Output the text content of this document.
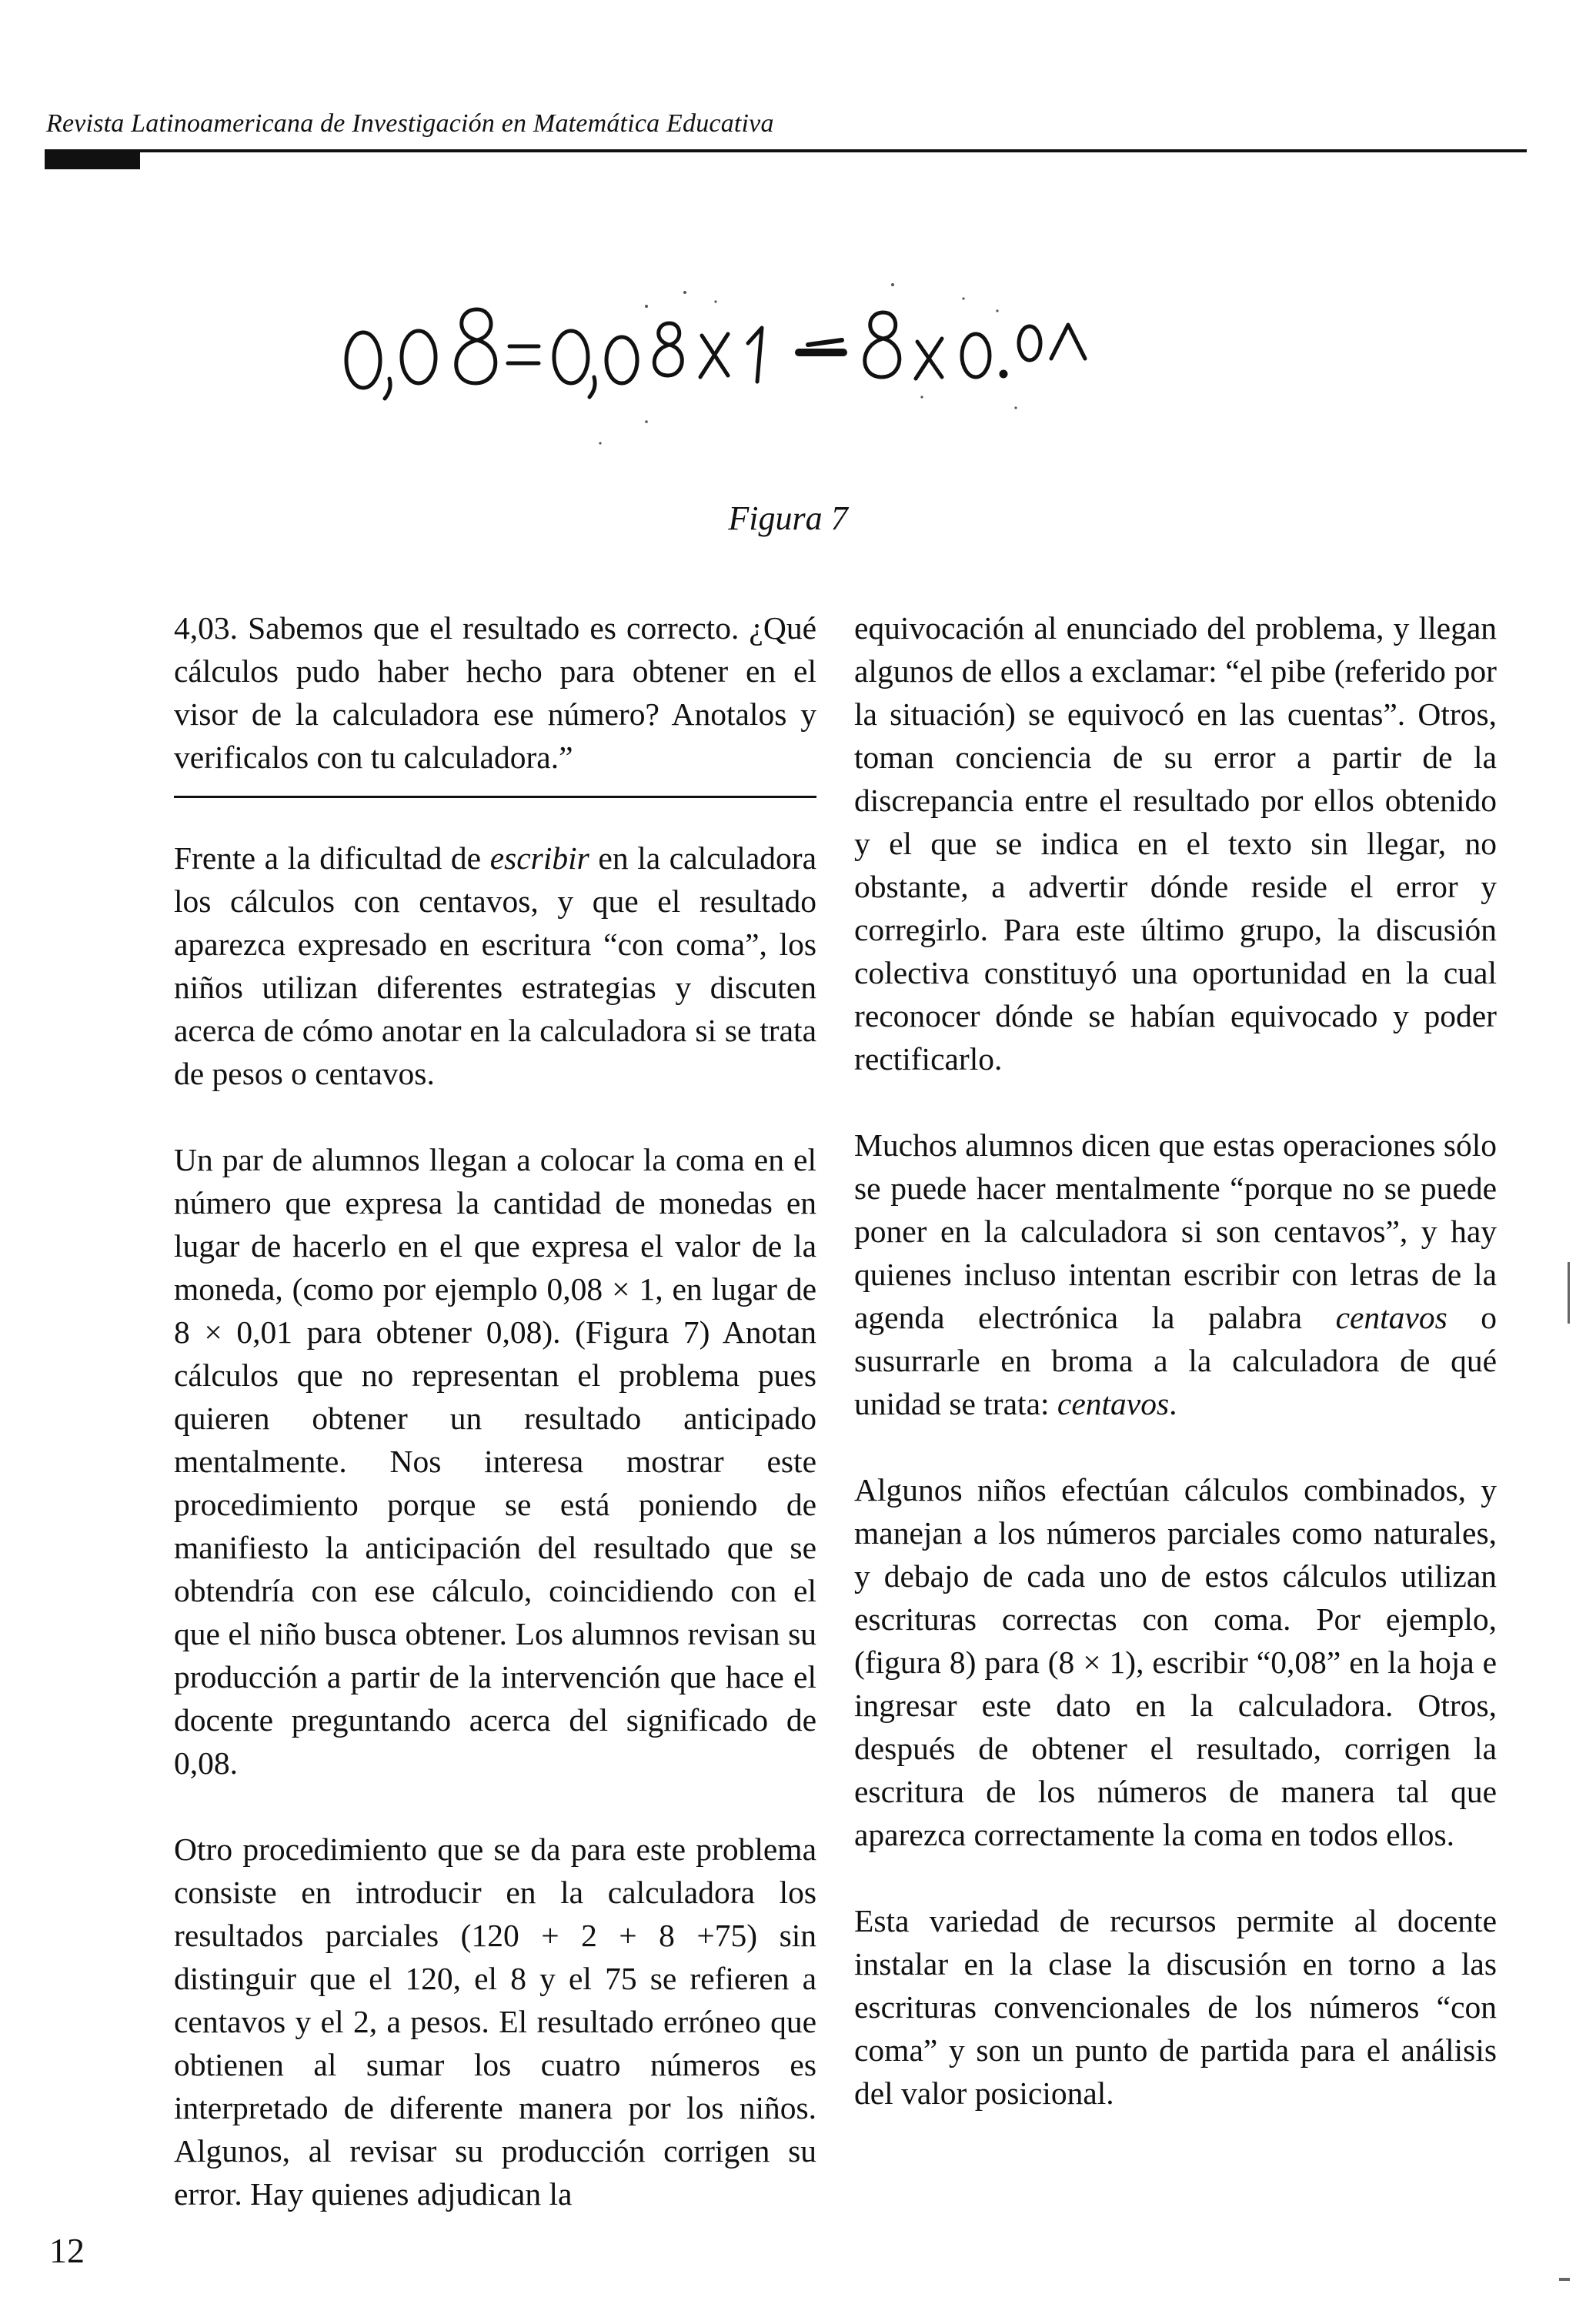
Revista Latinoamericana de Investigación en Matemática Educativa
Figura 7

4,03. Sabemos que el resultado es correcto. ¿Qué cálculos pudo haber hecho para obtener en el visor de la calculadora ese número? Anotalos y verificalos con tu calculadora.”

Frente a la dificultad de escribir en la calculadora los cálculos con centavos, y que el resultado aparezca expresado en escritura “con coma”, los niños utilizan diferentes estrategias y discuten acerca de cómo anotar en la calculadora si se trata de pesos o centavos.

Un par de alumnos llegan a colocar la coma en el número que expresa la cantidad de monedas en lugar de hacerlo en el que expresa el valor de la moneda, (como por ejemplo 0,08 × 1, en lugar de 8 × 0,01 para obtener 0,08). (Figura 7) Anotan cálculos que no representan el problema pues quieren obtener un resultado anticipado mentalmente. Nos interesa mostrar este procedimiento porque se está poniendo de manifiesto la anticipación del resultado que se obtendría con ese cálculo, coincidiendo con el que el niño busca obtener. Los alumnos revisan su producción a partir de la intervención que hace el docente preguntando acerca del significado de 0,08.

Otro procedimiento que se da para este problema consiste en introducir en la calculadora los resultados parciales (120 + 2 + 8 +75) sin distinguir que el 120, el 8 y el 75 se refieren a centavos y el 2, a pesos. El resultado erróneo que obtienen al sumar los cuatro números es interpretado de diferente manera por los niños. Algunos, al revisar su producción corrigen su error. Hay quienes adjudican la

equivocación al enunciado del problema, y llegan algunos de ellos a exclamar: “el pibe (referido por la situación) se equivocó en las cuentas”. Otros, toman conciencia de su error a partir de la discrepancia entre el resultado por ellos obtenido y el que se indica en el texto sin llegar, no obstante, a advertir dónde reside el error y corregirlo. Para este último grupo, la discusión colectiva constituyó una oportunidad en la cual reconocer dónde se habían equivocado y poder rectificarlo.

Muchos alumnos dicen que estas operaciones sólo se puede hacer mentalmente “porque no se puede poner en la calculadora si son centavos”, y hay quienes incluso intentan escribir con letras de la agenda electrónica la palabra centavos o susurrarle en broma a la calculadora de qué unidad se trata: centavos.

Algunos niños efectúan cálculos combinados, y manejan a los números parciales como naturales, y debajo de cada uno de estos cálculos utilizan escrituras correctas con coma. Por ejemplo, (figura 8) para (8 × 1), escribir “0,08” en la hoja e ingresar este dato en la calculadora. Otros, después de obtener el resultado, corrigen la escritura de los números de manera tal que aparezca correctamente la coma en todos ellos.

Esta variedad de recursos permite al docente instalar en la clase la discusión en torno a las escrituras convencionales de los números “con coma” y son un punto de partida para el análisis del valor posicional.

12
